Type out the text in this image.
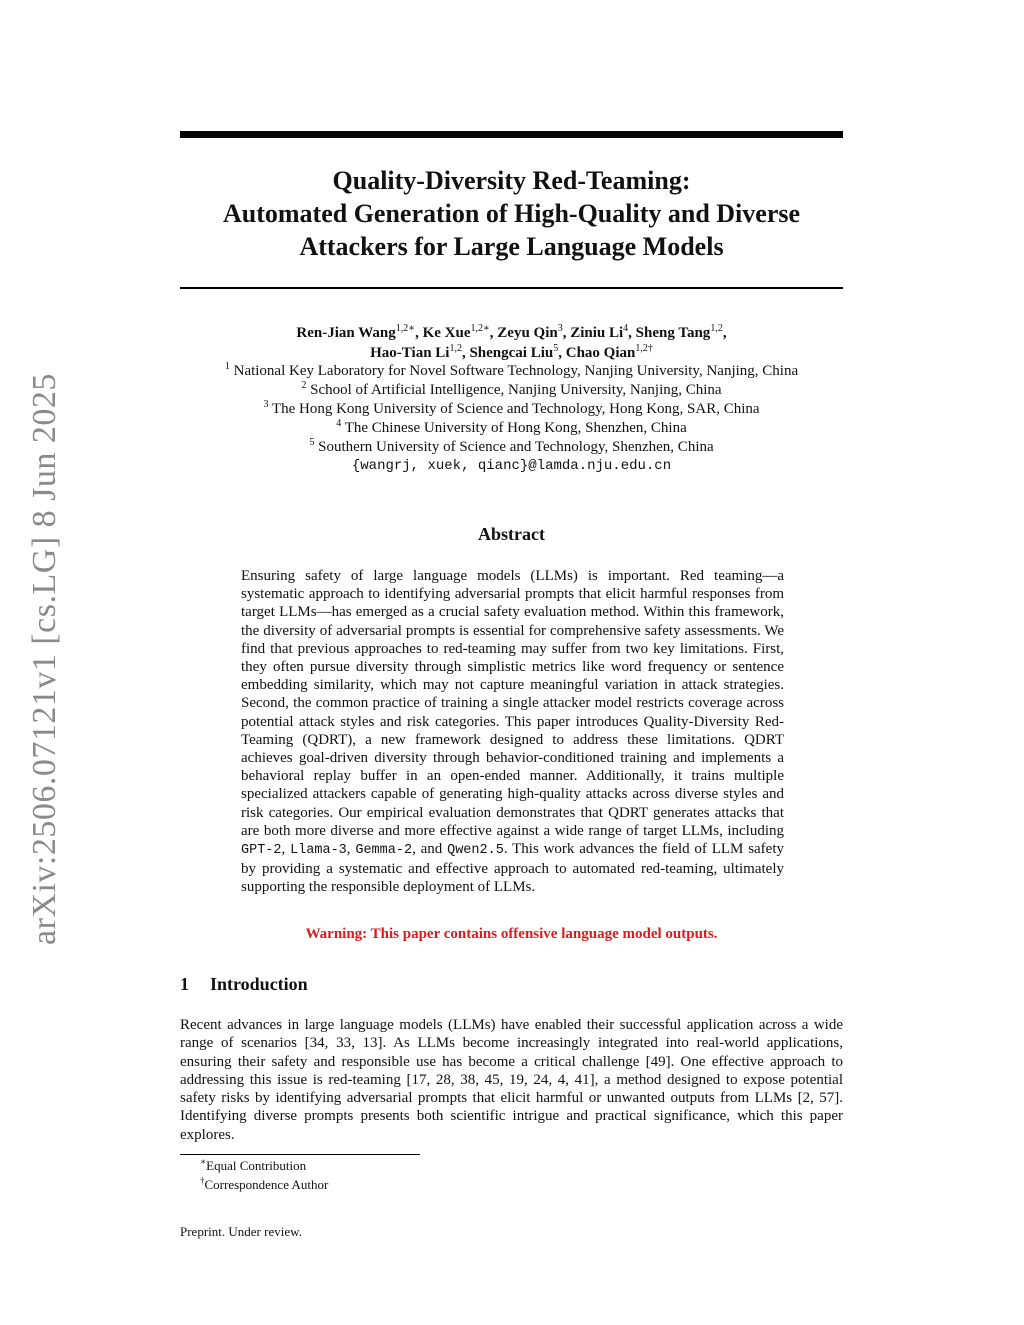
arXiv:2506.07121v1 [cs.LG] 8 Jun 2025
Quality-Diversity Red-Teaming:
Automated Generation of High-Quality and Diverse
Attackers for Large Language Models
Ren-Jian Wang$^{1,2∗}$, Ke Xue$^{1,2∗}$, Zeyu Qin$^3$, Ziniu Li$^4$, Sheng Tang$^{1,2}$,
Hao-Tian Li$^{1,2}$, Shengcai Liu$^5$, Chao Qian$^{1,2\dagger}$
$^1$ National Key Laboratory for Novel Software Technology, Nanjing University, Nanjing, China
$^2$ School of Artificial Intelligence, Nanjing University, Nanjing, China
$^3$ The Hong Kong University of Science and Technology, Hong Kong, SAR, China
$^4$ The Chinese University of Hong Kong, Shenzhen, China
$^5$ Southern University of Science and Technology, Shenzhen, China
{wangrj, xuek, qianc}@lamda.nju.edu.cn
Abstract
Ensuring safety of large language models (LLMs) is important. Red teaming—a systematic approach to identifying adversarial prompts that elicit harmful responses from target LLMs—has emerged as a crucial safety evaluation method. Within this framework, the diversity of adversarial prompts is essential for comprehensive safety assessments. We find that previous approaches to red-teaming may suffer from two key limitations. First, they often pursue diversity through simplistic metrics like word frequency or sentence embedding similarity, which may not capture meaningful variation in attack strategies. Second, the common practice of training a single attacker model restricts coverage across potential attack styles and risk categories. This paper introduces Quality-Diversity Red-Teaming (QDRT), a new framework designed to address these limitations. QDRT achieves goal-driven diversity through behavior-conditioned training and implements a behavioral replay buffer in an open-ended manner. Additionally, it trains multiple specialized attackers capable of generating high-quality attacks across diverse styles and risk categories. Our empirical evaluation demonstrates that QDRT generates attacks that are both more diverse and more effective against a wide range of target LLMs, including GPT-2, Llama-3, Gemma-2, and Qwen2.5. This work advances the field of LLM safety by providing a systematic and effective approach to automated red-teaming, ultimately supporting the responsible deployment of LLMs.
Warning: This paper contains offensive language model outputs.
1 Introduction
Recent advances in large language models (LLMs) have enabled their successful application across a wide range of scenarios [34, 33, 13]. As LLMs become increasingly integrated into real-world applications, ensuring their safety and responsible use has become a critical challenge [49]. One effective approach to addressing this issue is red-teaming [17, 28, 38, 45, 19, 24, 4, 41], a method designed to expose potential safety risks by identifying adversarial prompts that elicit harmful or unwanted outputs from LLMs [2, 57]. Identifying diverse prompts presents both scientific intrigue and practical significance, which this paper explores.
∗Equal Contribution
†Correspondence Author
Preprint. Under review.
